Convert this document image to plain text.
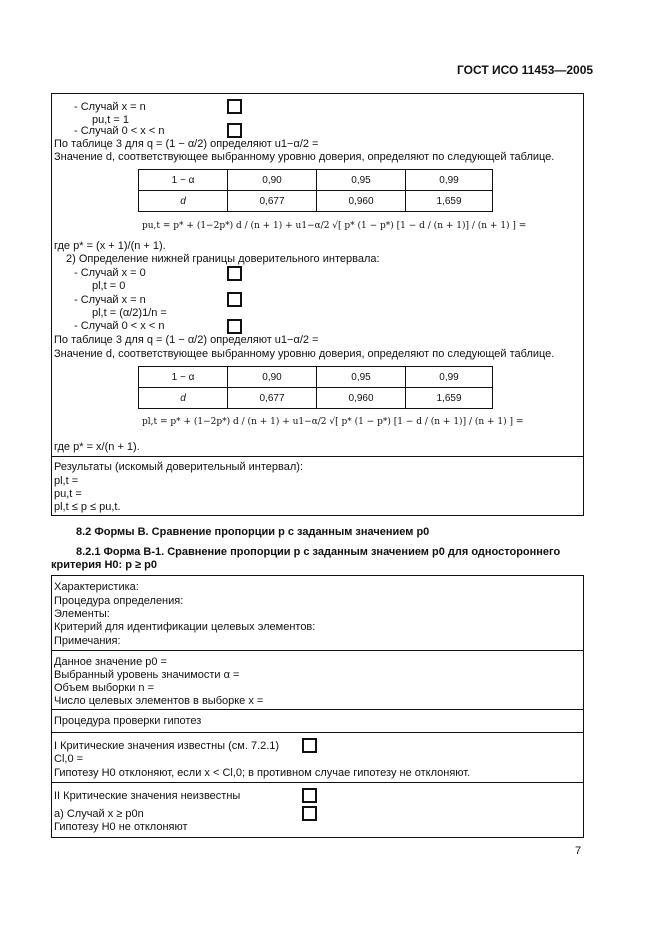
ГОСТ ИСО 11453—2005
- Случай x = n
pu,t = 1
- Случай 0 < x < n
По таблице 3 для q = (1 − α/2) определяют u1−α/2 =
Значение d, соответствующее выбранному уровню доверия, определяют по следующей таблице.
1 − α	0,90	0,95	0,99
d	0,677	0,960	1,659
pu,t = p* + (1−2p*) d / (n + 1) + u1−α/2 √[ p* (1 − p*) [1 − d / (n + 1)] / (n + 1) ] =
где p* = (x + 1)/(n + 1).
2) Определение нижней границы доверительного интервала:
- Случай x = 0
pl,t = 0
- Случай x = n
pl,t = (α/2)1/n =
- Случай 0 < x < n
По таблице 3 для q = (1 − α/2) определяют u1−α/2 =
Значение d, соответствующее выбранному уровню доверия, определяют по следующей таблице.
1 − α	0,90	0,95	0,99
d	0,677	0,960	1,659
pl,t = p* + (1−2p*) d / (n + 1) + u1−α/2 √[ p* (1 − p*) [1 − d / (n + 1)] / (n + 1) ] =
где p* = x/(n + 1).
Результаты (искомый доверительный интервал):
pl,t =
pu,t =
pl,t ≤ p ≤ pu,t.
8.2 Формы В. Сравнение пропорции p с заданным значением p0
8.2.1 Форма В-1. Сравнение пропорции p с заданным значением p0 для одностороннего
критерия H0: p ≥ p0
Характеристика:
Процедура определения:
Элементы:
Критерий для идентификации целевых элементов:
Примечания:
Данное значение p0 =
Выбранный уровень значимости α =
Объем выборки n =
Число целевых элементов в выборке x =
Процедура проверки гипотез
I Критические значения известны (см. 7.2.1)
Cl,0 =
Гипотезу H0 отклоняют, если x < Cl,0; в противном случае гипотезу не отклоняют.
II Критические значения неизвестны
а) Случай x ≥ p0n
Гипотезу H0 не отклоняют
7
